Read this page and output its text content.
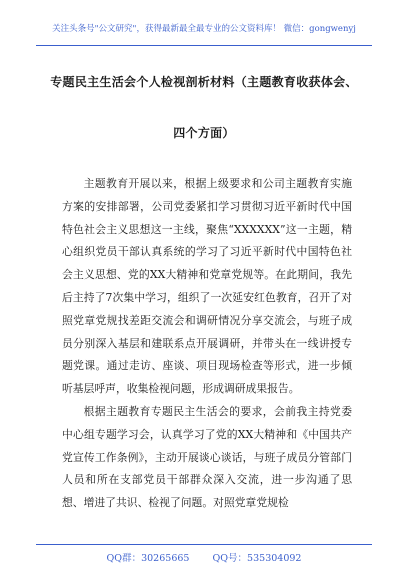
关注头条号"公文研究"，获得最新最全最专业的公文资料库！ 微信：gongwenyj
专题民主生活会个人检视剖析材料（主题教育收获体会、
四个方面）

主题教育开展以来，根据上级要求和公司主题教育实施方案的安排部署，公司党委紧扣学习贯彻习近平新时代中国特色社会主义思想这一主线，聚焦“XXXXXX”这一主题，精心组织党员干部认真系统的学习了习近平新时代中国特色社会主义思想、党的XX大精神和党章党规等。在此期间，我先后主持了7次集中学习，组织了一次延安红色教育，召开了对照党章党规找差距交流会和调研情况分享交流会，与班子成员分别深入基层和建联系点开展调研，并带头在一线讲授专题党课。通过走访、座谈、项目现场检查等形式，进一步倾听基层呼声，收集检视问题，形成调研成果报告。

根据主题教育专题民主生活会的要求，会前我主持党委中心组专题学习会，认真学习了党的XX大精神和《中国共产党宣传工作条例》，主动开展谈心谈话，与班子成员分管部门人员和所在支部党员干部群众深入交流，进一步沟通了思想、增进了共识、检视了问题。对照党章党规检

QQ群：30265665 QQ号：535304092
